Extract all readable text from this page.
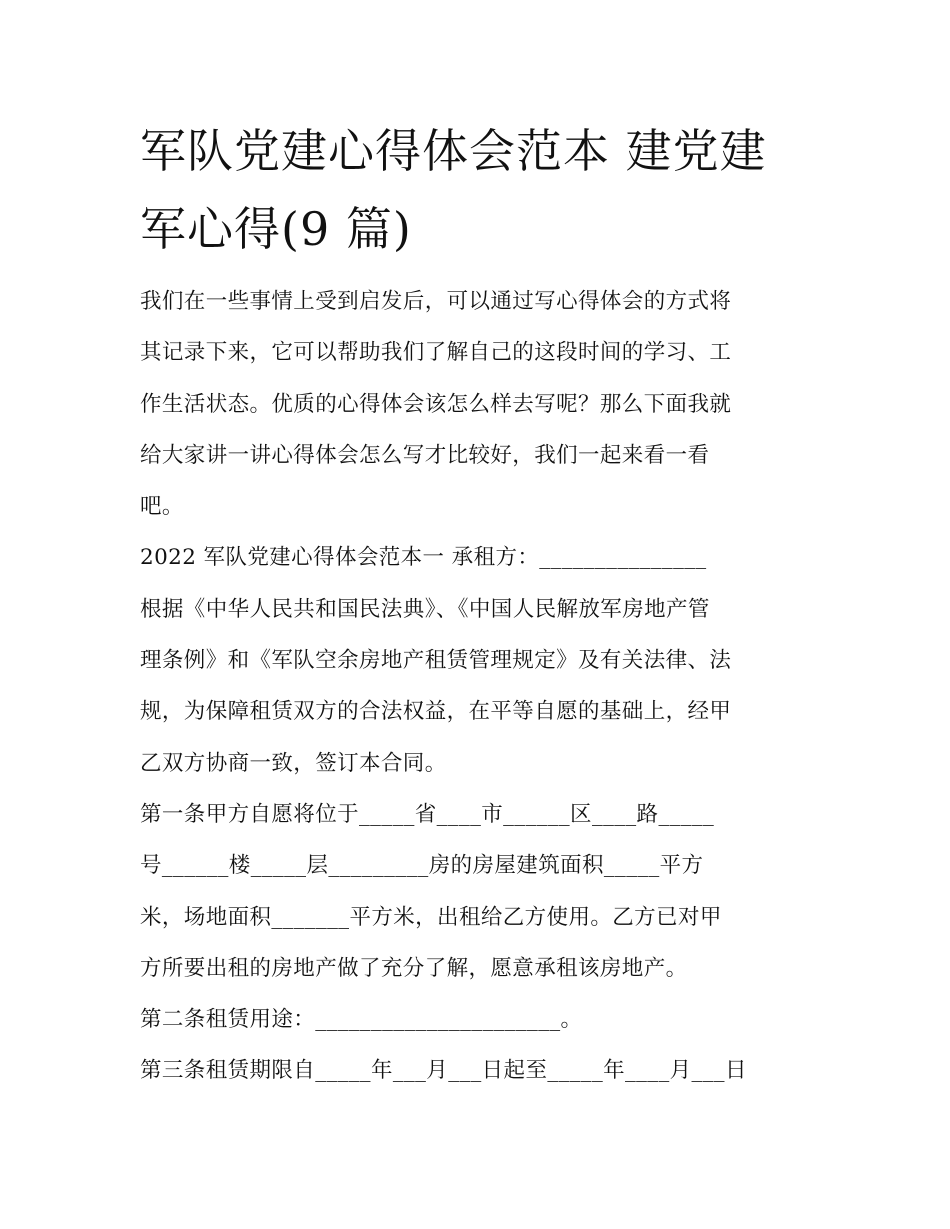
军队党建心得体会范本 建党建
军心得(9 篇)
我们在一些事情上受到启发后，可以通过写心得体会的方式将
其记录下来，它可以帮助我们了解自己的这段时间的学习、工
作生活状态。优质的心得体会该怎么样去写呢？那么下面我就
给大家讲一讲心得体会怎么写才比较好，我们一起来看一看
吧。
2022 军队党建心得体会范本一 承租方：_______________
根据《中华人民共和国民法典》、《中国人民解放军房地产管
理条例》和《军队空余房地产租赁管理规定》及有关法律、法
规，为保障租赁双方的合法权益，在平等自愿的基础上，经甲
乙双方协商一致，签订本合同。
第一条甲方自愿将位于_____省____市______区____路_____
号______楼_____层_________房的房屋建筑面积_____平方
米，场地面积_______平方米，出租给乙方使用。乙方已对甲
方所要出租的房地产做了充分了解，愿意承租该房地产。
第二条租赁用途：______________________。
第三条租赁期限自_____年___月___日起至_____年____月___日
